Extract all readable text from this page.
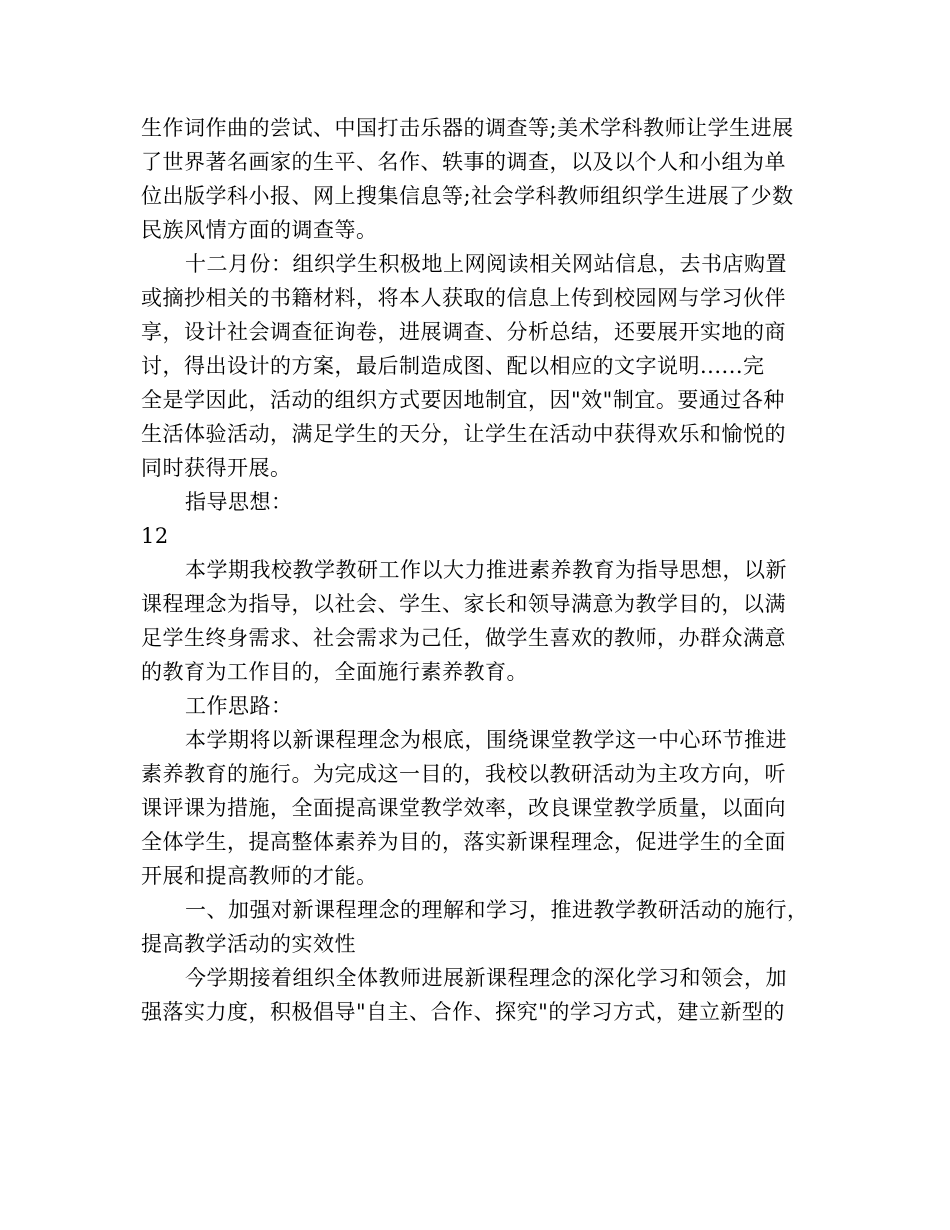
生作词作曲的尝试、中国打击乐器的调查等;美术学科教师让学生进展
了世界著名画家的生平、名作、轶事的调查，以及以个人和小组为单
位出版学科小报、网上搜集信息等;社会学科教师组织学生进展了少数
民族风情方面的调查等。
十二月份：组织学生积极地上网阅读相关网站信息，去书店购置
或摘抄相关的书籍材料，将本人获取的信息上传到校园网与学习伙伴
享，设计社会调查征询卷，进展调查、分析总结，还要展开实地的商
讨，得出设计的方案，最后制造成图、配以相应的文字说明......完
全是学因此，活动的组织方式要因地制宜，因"效"制宜。要通过各种
生活体验活动，满足学生的天分，让学生在活动中获得欢乐和愉悦的
同时获得开展。
指导思想：
12
本学期我校教学教研工作以大力推进素养教育为指导思想，以新
课程理念为指导，以社会、学生、家长和领导满意为教学目的，以满
足学生终身需求、社会需求为己任，做学生喜欢的教师，办群众满意
的教育为工作目的，全面施行素养教育。
工作思路：
本学期将以新课程理念为根底，围绕课堂教学这一中心环节推进
素养教育的施行。为完成这一目的，我校以教研活动为主攻方向，听
课评课为措施，全面提高课堂教学效率，改良课堂教学质量，以面向
全体学生，提高整体素养为目的，落实新课程理念，促进学生的全面
开展和提高教师的才能。
一、加强对新课程理念的理解和学习，推进教学教研活动的施行，
提高教学活动的实效性
今学期接着组织全体教师进展新课程理念的深化学习和领会，加
强落实力度，积极倡导"自主、合作、探究"的学习方式，建立新型的
